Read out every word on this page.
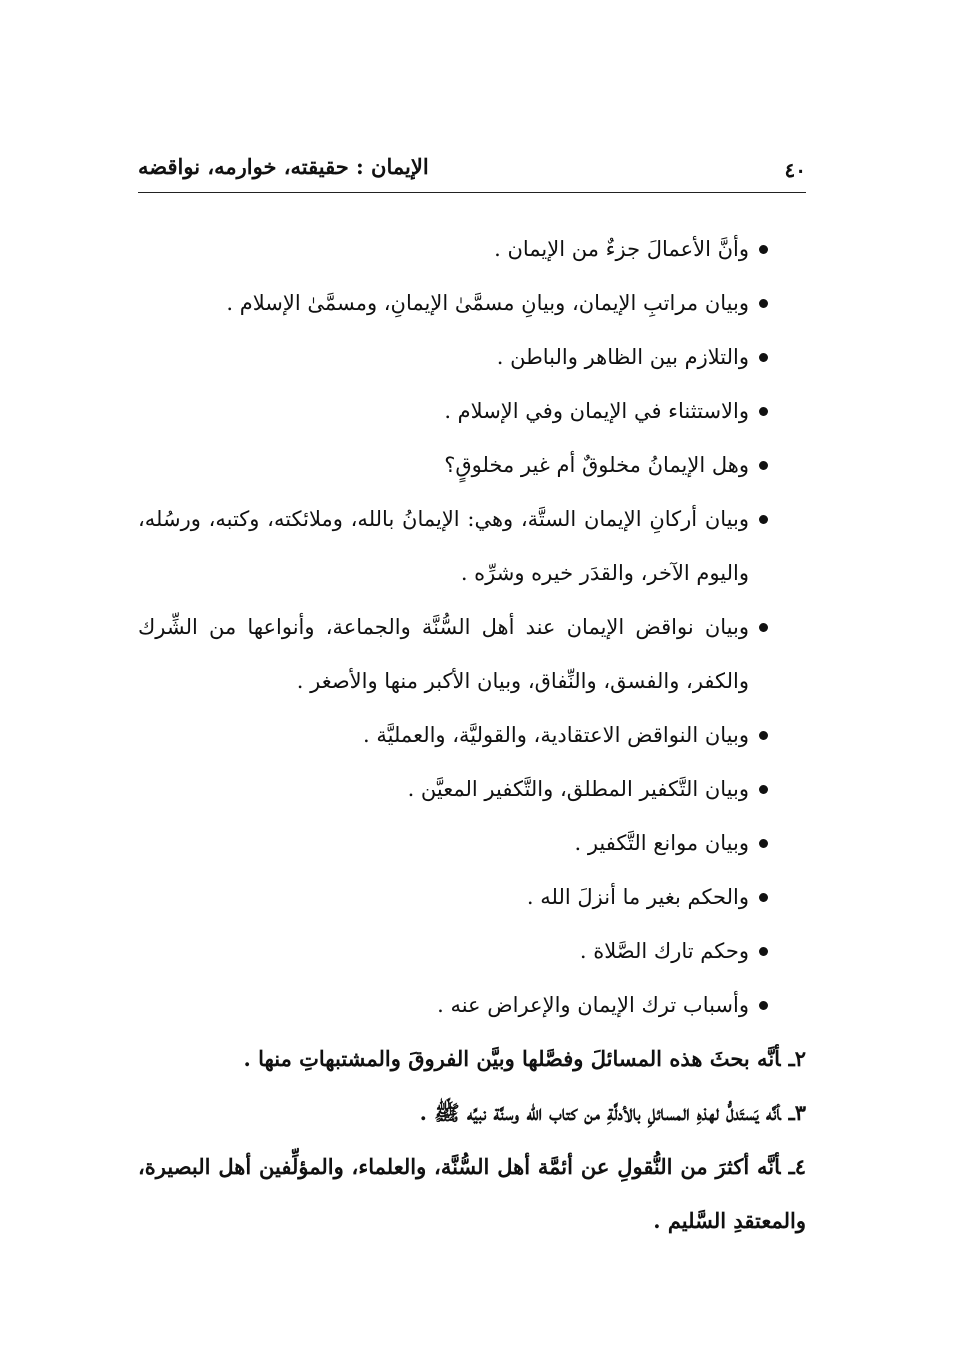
٤٠
الإيمان : حقيقته، خوارمه، نواقضه

وأنَّ الأعمالَ جزءٌ من الإيمان .

وبيان مراتبِ الإيمان، وبيانِ مسمَّىٰ الإيمانِ، ومسمَّىٰ الإسلام .

والتلازم بين الظاهر والباطن .

والاستثناء في الإيمان وفي الإسلام .

وهل الإيمانُ مخلوقٌ أم غير مخلوقٍ؟

وبيان أركانِ الإيمان الستَّة، وهي: الإيمانُ بالله، وملائكته، وكتبه، ورسُله، واليوم الآخر، والقدَر خيره وشرِّه .

وبيان نواقض الإيمان عند أهل السُّنَّة والجماعة، وأنواعها من الشِّرك والكفر، والفسق، والنِّفاق، وبيان الأكبر منها والأصغر .

وبيان النواقض الاعتقادية، والقوليَّة، والعمليَّة .

وبيان التَّكفير المطلق، والتَّكفير المعيَّن .

وبيان موانع التَّكفير .

والحكم بغير ما أنزلَ الله .

وحكم تارك الصَّلاة .

وأسباب ترك الإيمان والإعراض عنه .

٢ـأنَّه بحثَ هذه المسائلَ وفصَّلها وبيَّن الفروقَ والمشتبهاتِ منها .

٣ـأنَّه يَستَدلُّ لهذهِ المسائلِ بالأدلَّةِ من كتاب الله وسنَّة نبيِّه ﷺ .

٤ـأنَّه أكثرَ من النُّقولِ عن أئمَّة أهل السُّنَّة، والعلماء، والمؤلِّفين أهل البصيرة، والمعتقدِ السَّليم .
